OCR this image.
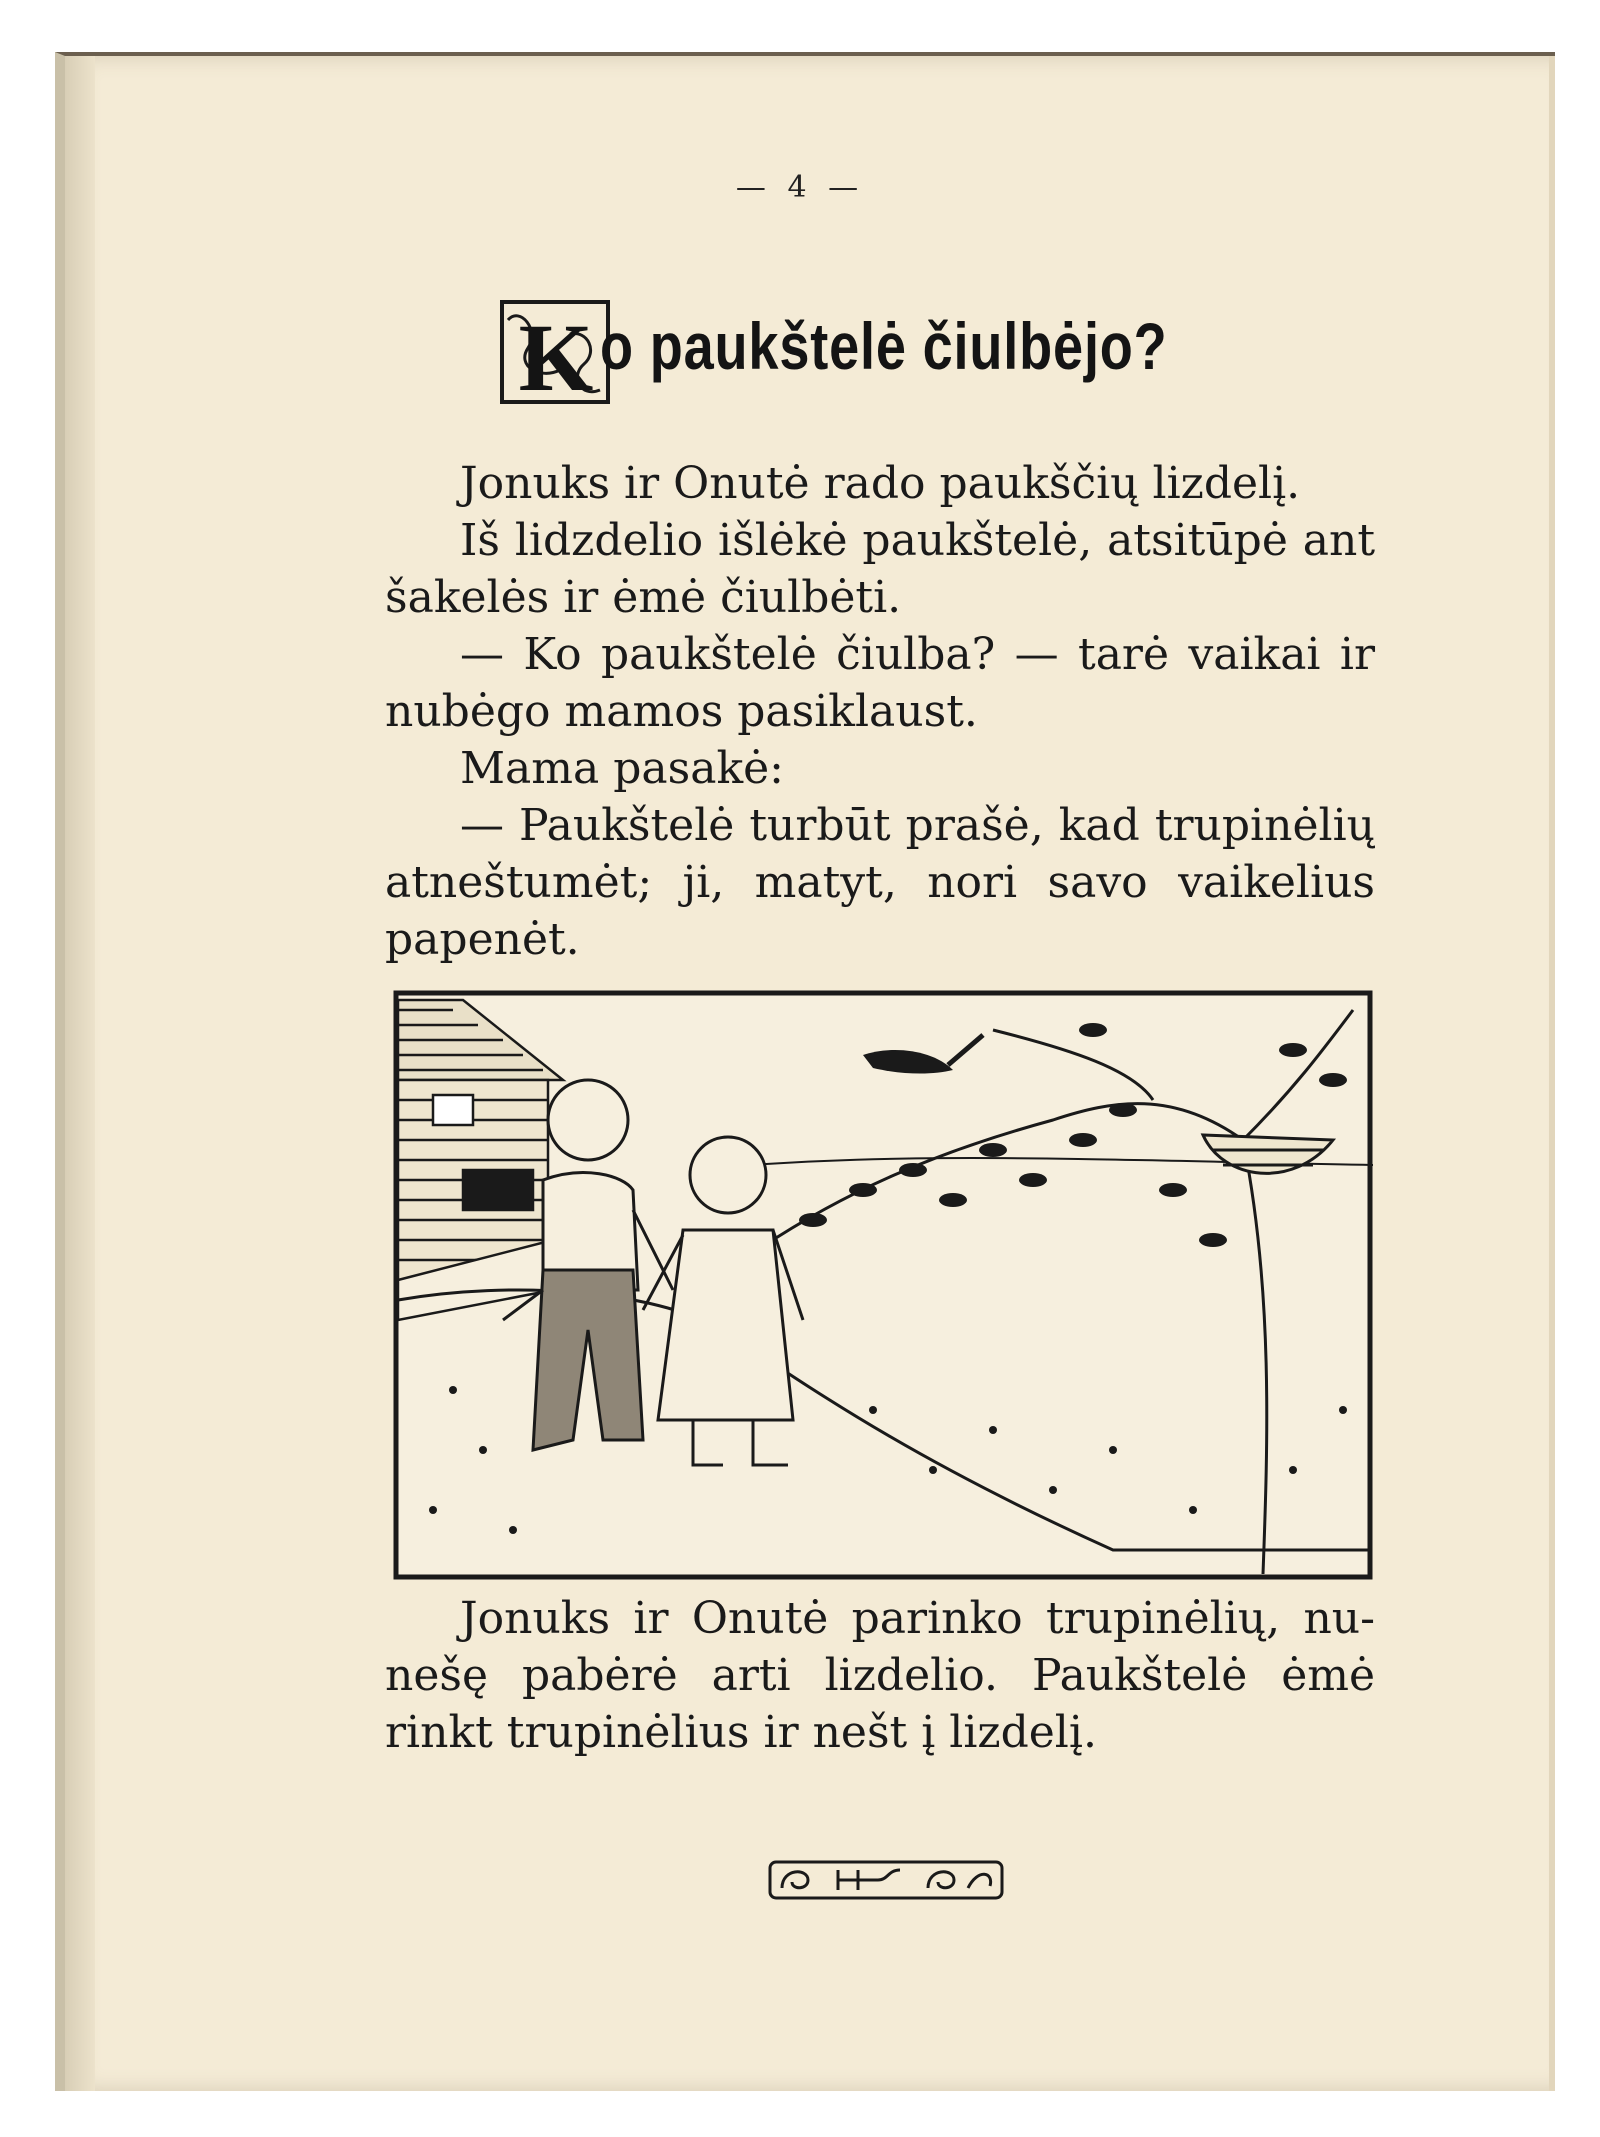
— 4 —
K o paukštelė čiulbėjo?
Jonuks ir Onutė rado paukščių lizdelį.
Iš lidzdelio išlėkė paukštelė, atsitūpė ant
šakelės ir ėmė čiulbėti.
— Ko paukštelė čiulba? — tarė vaikai ir
nubėgo mamos pasiklaust.
Mama pasakė:
— Paukštelė turbūt prašė, kad trupinėlių
atneštumėt; ji, matyt, nori savo vaikelius
papenėt.
Jonuks ir Onutė parinko trupinėlių, nu-
nešę pabėrė arti lizdelio. Paukštelė ėmė
rinkt trupinėlius ir nešt į lizdelį.
